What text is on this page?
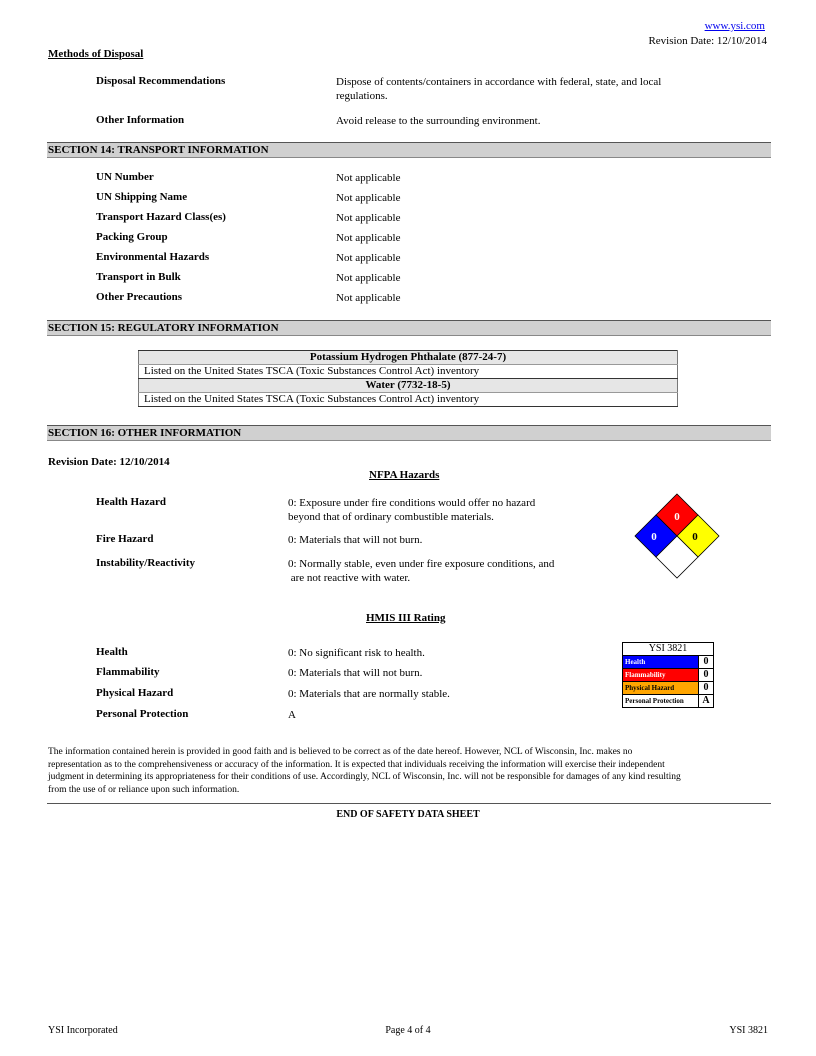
www.ysi.com
Revision Date: 12/10/2014
Methods of Disposal
Disposal Recommendations	Dispose of contents/containers in accordance with federal, state, and local
regulations.
Other Information	Avoid release to the surrounding environment.
SECTION 14: TRANSPORT INFORMATION
UN Number	Not applicable
UN Shipping Name	Not applicable
Transport Hazard Class(es)	Not applicable
Packing Group	Not applicable
Environmental Hazards	Not applicable
Transport in Bulk	Not applicable
Other Precautions	Not applicable
SECTION 15: REGULATORY INFORMATION
Potassium Hydrogen Phthalate (877-24-7)
Listed on the United States TSCA (Toxic Substances Control Act) inventory
Water (7732-18-5)
Listed on the United States TSCA (Toxic Substances Control Act) inventory
SECTION 16: OTHER INFORMATION
Revision Date: 12/10/2014
NFPA Hazards
Health Hazard	0: Exposure under fire conditions would offer no hazard
beyond that of ordinary combustible materials.
Fire Hazard	0: Materials that will not burn.
Instability/Reactivity	0: Normally stable, even under fire exposure conditions, and
are not reactive with water.
0
0	0
HMIS III Rating
Health	0: No significant risk to health.
Flammability	0: Materials that will not burn.
Physical Hazard	0: Materials that are normally stable.
Personal Protection	A
YSI 3821
Health	0
Flammability	0
Physical Hazard	0
Personal Protection	A
The information contained herein is provided in good faith and is believed to be correct as of the date hereof. However, NCL of Wisconsin, Inc. makes no
representation as to the comprehensiveness or accuracy of the information. It is expected that individuals receiving the information will exercise their independent
judgment in determining its appropriateness for their conditions of use. Accordingly, NCL of Wisconsin, Inc. will not be responsible for damages of any kind resulting
from the use of or reliance upon such information.
END OF SAFETY DATA SHEET
YSI Incorporated	Page 4 of 4	YSI 3821
